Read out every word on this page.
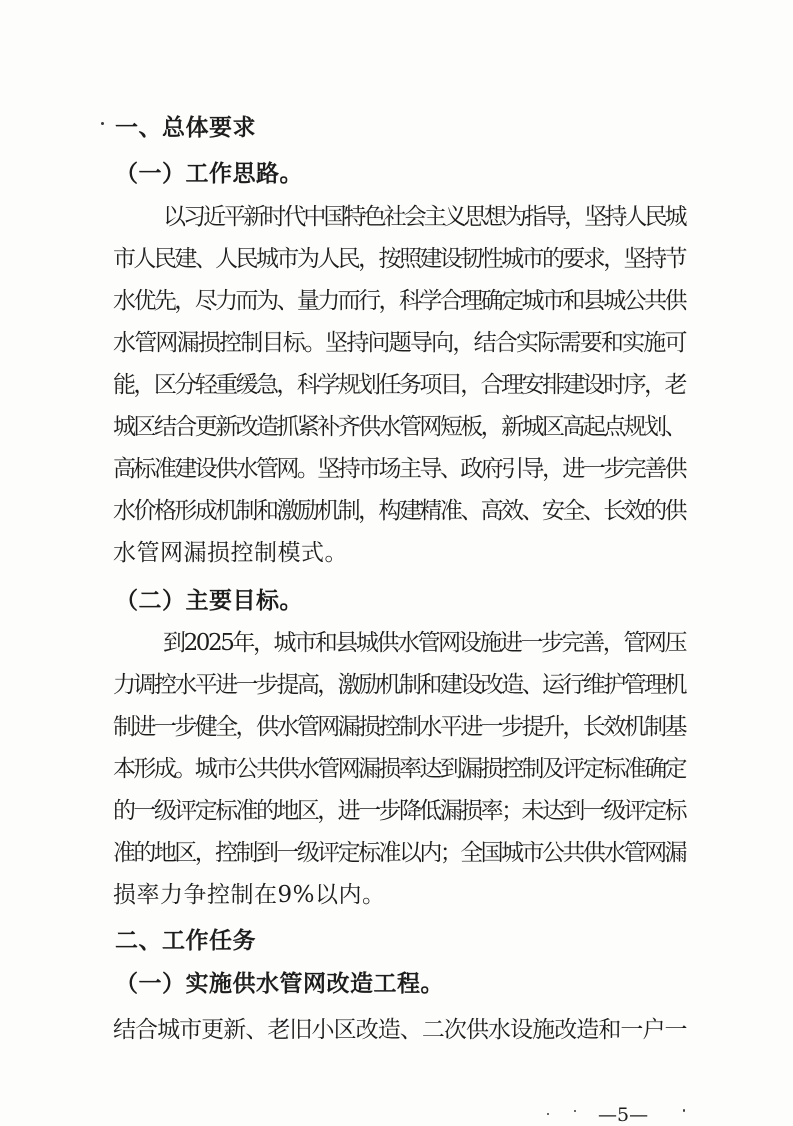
一、总体要求
（一）工作思路。
以习近平新时代中国特色社会主义思想为指导，坚持人民城
市人民建、人民城市为人民，按照建设韧性城市的要求，坚持节
水优先，尽力而为、量力而行，科学合理确定城市和县城公共供
水管网漏损控制目标。坚持问题导向，结合实际需要和实施可
能，区分轻重缓急，科学规划任务项目，合理安排建设时序，老
城区结合更新改造抓紧补齐供水管网短板，新城区高起点规划、
高标准建设供水管网。坚持市场主导、政府引导，进一步完善供
水价格形成机制和激励机制，构建精准、高效、安全、长效的供
水管网漏损控制模式。
（二）主要目标。
到2025年，城市和县城供水管网设施进一步完善，管网压
力调控水平进一步提高，激励机制和建设改造、运行维护管理机
制进一步健全，供水管网漏损控制水平进一步提升，长效机制基
本形成。城市公共供水管网漏损率达到漏损控制及评定标准确定
的一级评定标准的地区，进一步降低漏损率；未达到一级评定标
准的地区，控制到一级评定标准以内；全国城市公共供水管网漏
损率力争控制在9%以内。
二、工作任务
（一）实施供水管网改造工程。
结合城市更新、老旧小区改造、二次供水设施改造和一户一
—5—
